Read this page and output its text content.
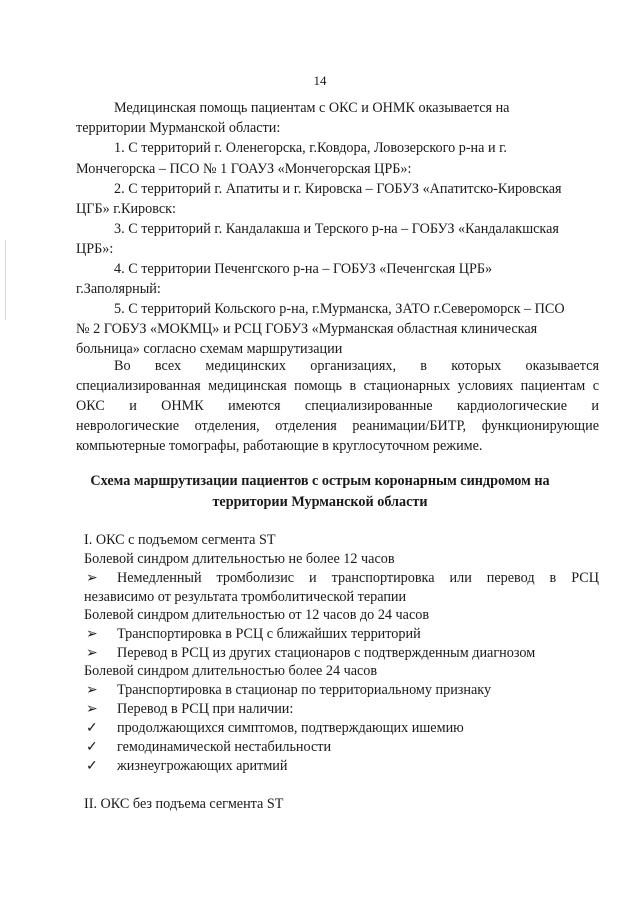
14
Медицинская помощь пациентам с ОКС и ОНМК оказывается на
территории Мурманской области:
1. С территорий г. Оленегорска, г.Ковдора, Ловозерского р-на и г.
Мончегорска – ПСО № 1 ГОАУЗ «Мончегорская ЦРБ»:
2. С территорий г. Апатиты и г. Кировска – ГОБУЗ «Апатитско-Кировская
ЦГБ» г.Кировск:
3. С территорий г. Кандалакша и Терского р-на – ГОБУЗ «Кандалакшская
ЦРБ»:
4. С территории Печенгского р-на – ГОБУЗ «Печенгская ЦРБ»
г.Заполярный:
5. С территорий Кольского р-на, г.Мурманска, ЗАТО г.Североморск – ПСО
№ 2 ГОБУЗ «МОКМЦ» и РСЦ ГОБУЗ «Мурманская областная клиническая
больница» согласно схемам маршрутизации
Во всех медицинских организациях, в которых оказывается
специализированная медицинская помощь в стационарных условиях пациентам с
ОКС и ОНМК имеются специализированные кардиологические и
неврологические отделения, отделения реанимации/БИТР, функционирующие
компьютерные томографы, работающие в круглосуточном режиме.
Схема маршрутизации пациентов с острым коронарным синдромом на
территории Мурманской области
I. ОКС с подъемом сегмента ST
Болевой синдром длительностью не более 12 часов
➢	Немедленный тромболизис и транспортировка или перевод в РСЦ
независимо от результата тромболитической терапии
Болевой синдром длительностью от 12 часов до 24 часов
➢	Транспортировка в РСЦ с ближайших территорий
➢	Перевод в РСЦ из других стационаров с подтвержденным диагнозом
Болевой синдром длительностью более 24 часов
➢	Транспортировка в стационар по территориальному признаку
➢	Перевод в РСЦ при наличии:
✓	продолжающихся симптомов, подтверждающих ишемию
✓	гемодинамической нестабильности
✓	жизнеугрожающих аритмий
II. ОКС без подъема сегмента ST
